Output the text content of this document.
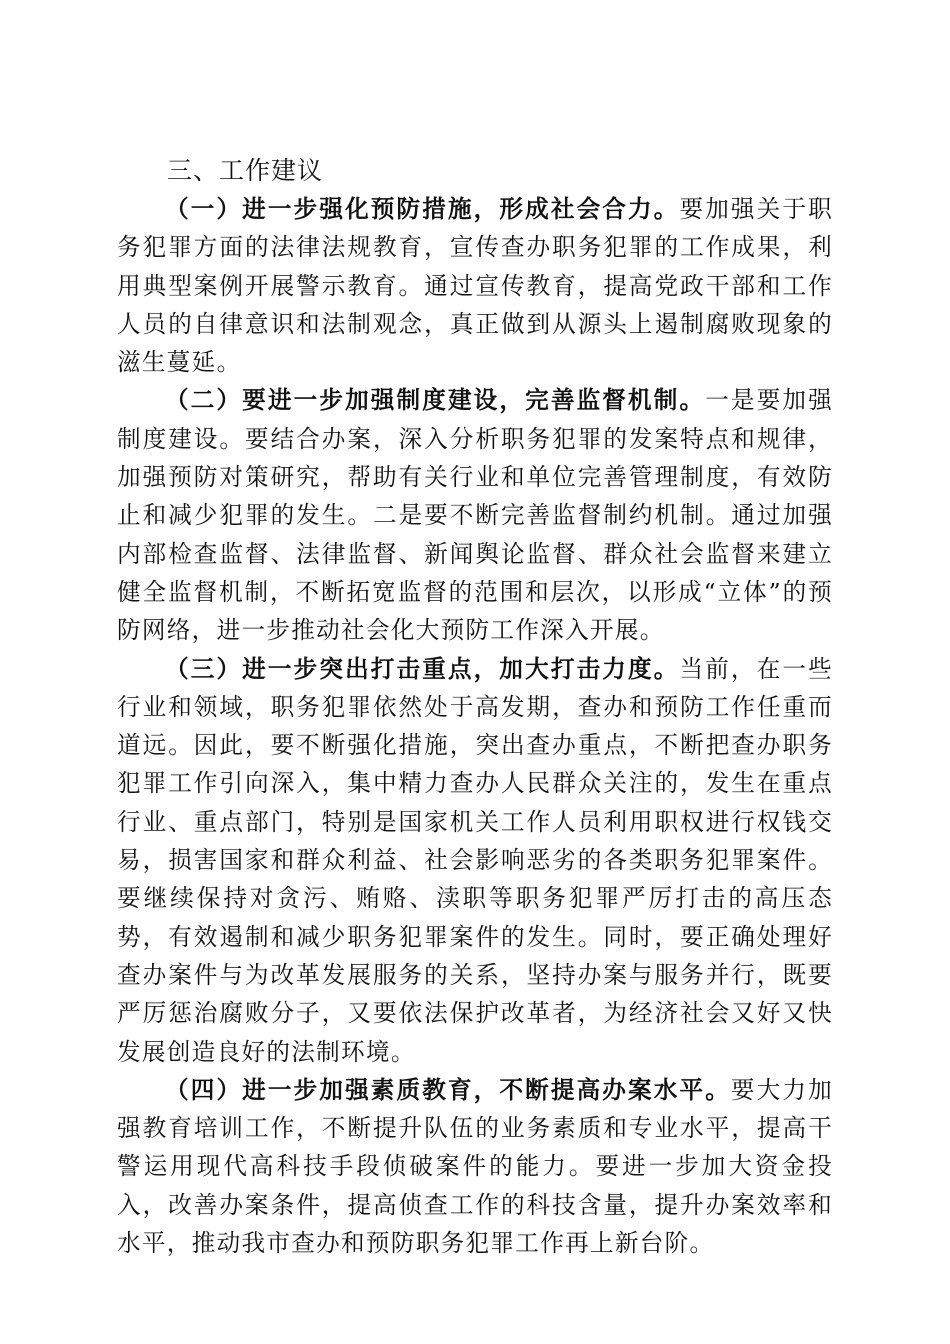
三、工作建议

（一）进一步强化预防措施，形成社会合力。要加强关于职务犯罪方面的法律法规教育，宣传查办职务犯罪的工作成果，利用典型案例开展警示教育。通过宣传教育，提高党政干部和工作人员的自律意识和法制观念，真正做到从源头上遏制腐败现象的滋生蔓延。

（二）要进一步加强制度建设，完善监督机制。一是要加强制度建设。要结合办案，深入分析职务犯罪的发案特点和规律，加强预防对策研究，帮助有关行业和单位完善管理制度，有效防止和减少犯罪的发生。二是要不断完善监督制约机制。通过加强内部检查监督、法律监督、新闻舆论监督、群众社会监督来建立健全监督机制，不断拓宽监督的范围和层次，以形成“立体”的预防网络，进一步推动社会化大预防工作深入开展。

（三）进一步突出打击重点，加大打击力度。当前，在一些行业和领域，职务犯罪依然处于高发期，查办和预防工作任重而道远。因此，要不断强化措施，突出查办重点，不断把查办职务犯罪工作引向深入，集中精力查办人民群众关注的，发生在重点行业、重点部门，特别是国家机关工作人员利用职权进行权钱交易，损害国家和群众利益、社会影响恶劣的各类职务犯罪案件。要继续保持对贪污、贿赂、渎职等职务犯罪严厉打击的高压态势，有效遏制和减少职务犯罪案件的发生。同时，要正确处理好查办案件与为改革发展服务的关系，坚持办案与服务并行，既要严厉惩治腐败分子，又要依法保护改革者，为经济社会又好又快发展创造良好的法制环境。

（四）进一步加强素质教育，不断提高办案水平。要大力加强教育培训工作，不断提升队伍的业务素质和专业水平，提高干警运用现代高科技手段侦破案件的能力。要进一步加大资金投入，改善办案条件，提高侦查工作的科技含量，提升办案效率和水平，推动我市查办和预防职务犯罪工作再上新台阶。
